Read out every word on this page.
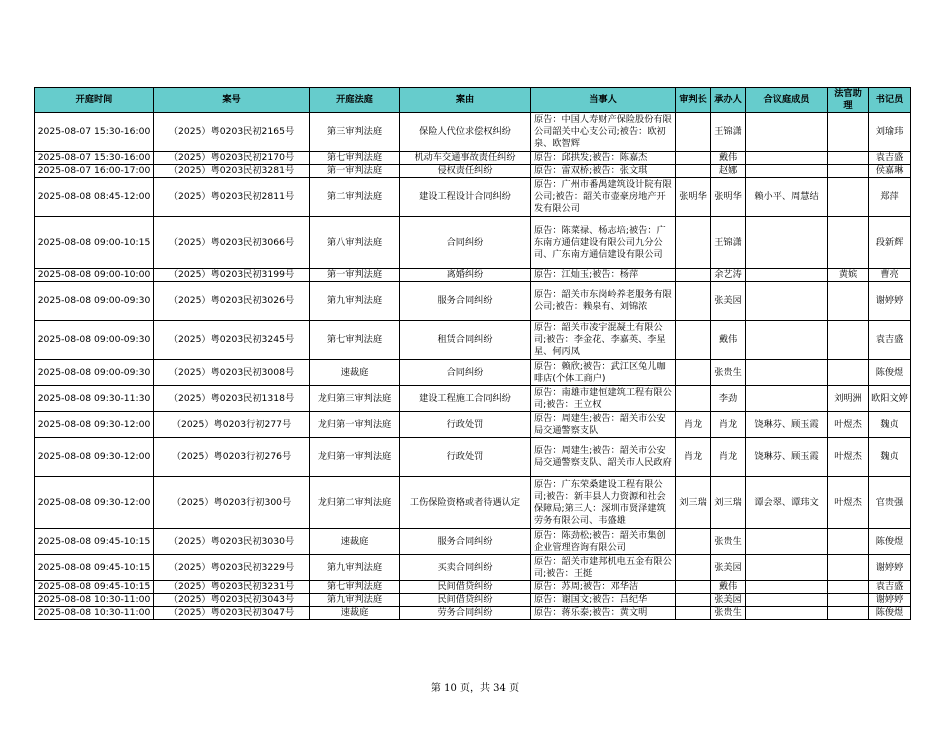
开庭时间	案号	开庭法庭	案由	当事人	审判长	承办人	合议庭成员	法官助理	书记员
2025-08-07 15:30-16:00	（2025）粤0203民初2165号	第三审判法庭	保险人代位求偿权纠纷	原告：中国人寿财产保险股份有限公司韶关中心支公司;被告：欧初泉、欧智辉		王锦潇			刘瑜玮
2025-08-07 15:30-16:00	（2025）粤0203民初2170号	第七审判法庭	机动车交通事故责任纠纷	原告：邱拱发;被告：陈嘉杰		戴伟			袁吉盛
2025-08-07 16:00-17:00	（2025）粤0203民初3281号	第一审判法庭	侵权责任纠纷	原告：雷双桥;被告：张文琪		赵娜			侯嘉琳
2025-08-08 08:45-12:00	（2025）粤0203民初2811号	第二审判法庭	建设工程设计合同纠纷	原告：广州市番禺建筑设计院有限公司;被告：韶关市壶豪房地产开发有限公司	张明华	张明华	赖小平、周慧结		郑萍
2025-08-08 09:00-10:15	（2025）粤0203民初3066号	第八审判法庭	合同纠纷	原告：陈菜禄、杨志培;被告：广东南方通信建设有限公司九分公司、广东南方通信建设有限公司		王锦潇			段新辉
2025-08-08 09:00-10:00	（2025）粤0203民初3199号	第一审判法庭	离婚纠纷	原告：江灿玉;被告：杨萍		余艺涛		黄嫔	曹亮
2025-08-08 09:00-09:30	（2025）粤0203民初3026号	第九审判法庭	服务合同纠纷	原告：韶关市东岗岭养老服务有限公司;被告：赖泉有、刘锦浓		张美园			谢婷婷
2025-08-08 09:00-09:30	（2025）粤0203民初3245号	第七审判法庭	租赁合同纠纷	原告：韶关市凌宇混凝土有限公司;被告：李金花、李嘉英、李星星、何丙凤		戴伟			袁吉盛
2025-08-08 09:00-09:30	（2025）粤0203民初3008号	速裁庭	合同纠纷	原告：赖欣;被告：武江区兔儿咖啡店(个体工商户)		张贵生			陈俊煜
2025-08-08 09:30-11:30	（2025）粤0203民初1318号	龙归第三审判法庭	建设工程施工合同纠纷	原告：南雄市建恒建筑工程有限公司;被告：王立权		李劲		刘明洲	欧阳文婷
2025-08-08 09:30-12:00	（2025）粤0203行初277号	龙归第一审判法庭	行政处罚	原告：周建生;被告：韶关市公安局交通警察支队	肖龙	肖龙	饶琳芬、顾玉霞	叶煜杰	魏贞
2025-08-08 09:30-12:00	（2025）粤0203行初276号	龙归第一审判法庭	行政处罚	原告：周建生;被告：韶关市公安局交通警察支队、韶关市人民政府	肖龙	肖龙	饶琳芬、顾玉霞	叶煜杰	魏贞
2025-08-08 09:30-12:00	（2025）粤0203行初300号	龙归第二审判法庭	工伤保险资格或者待遇认定	原告：广东荣桑建设工程有限公司;被告：新丰县人力资源和社会保障局;第三人：深圳市贤泽建筑劳务有限公司、韦盛雄	刘三瑞	刘三瑞	谭会翠、谭玮文	叶煜杰	官贵强
2025-08-08 09:45-10:15	（2025）粤0203民初3030号	速裁庭	服务合同纠纷	原告：陈劲松;被告：韶关市集创企业管理咨询有限公司		张贵生			陈俊煜
2025-08-08 09:45-10:15	（2025）粤0203民初3229号	第九审判法庭	买卖合同纠纷	原告：韶关市建邦机电五金有限公司;被告：王挺		张美园			谢婷婷
2025-08-08 09:45-10:15	（2025）粤0203民初3231号	第七审判法庭	民间借贷纠纷	原告：苏周;被告：邓华洁		戴伟			袁吉盛
2025-08-08 10:30-11:00	（2025）粤0203民初3043号	第九审判法庭	民间借贷纠纷	原告：谢国文;被告：吕纪华		张美园			谢婷婷
2025-08-08 10:30-11:00	（2025）粤0203民初3047号	速裁庭	劳务合同纠纷	原告：蒋乐泰;被告：黄文明		张贵生			陈俊煜
第 10 页，共 34 页
